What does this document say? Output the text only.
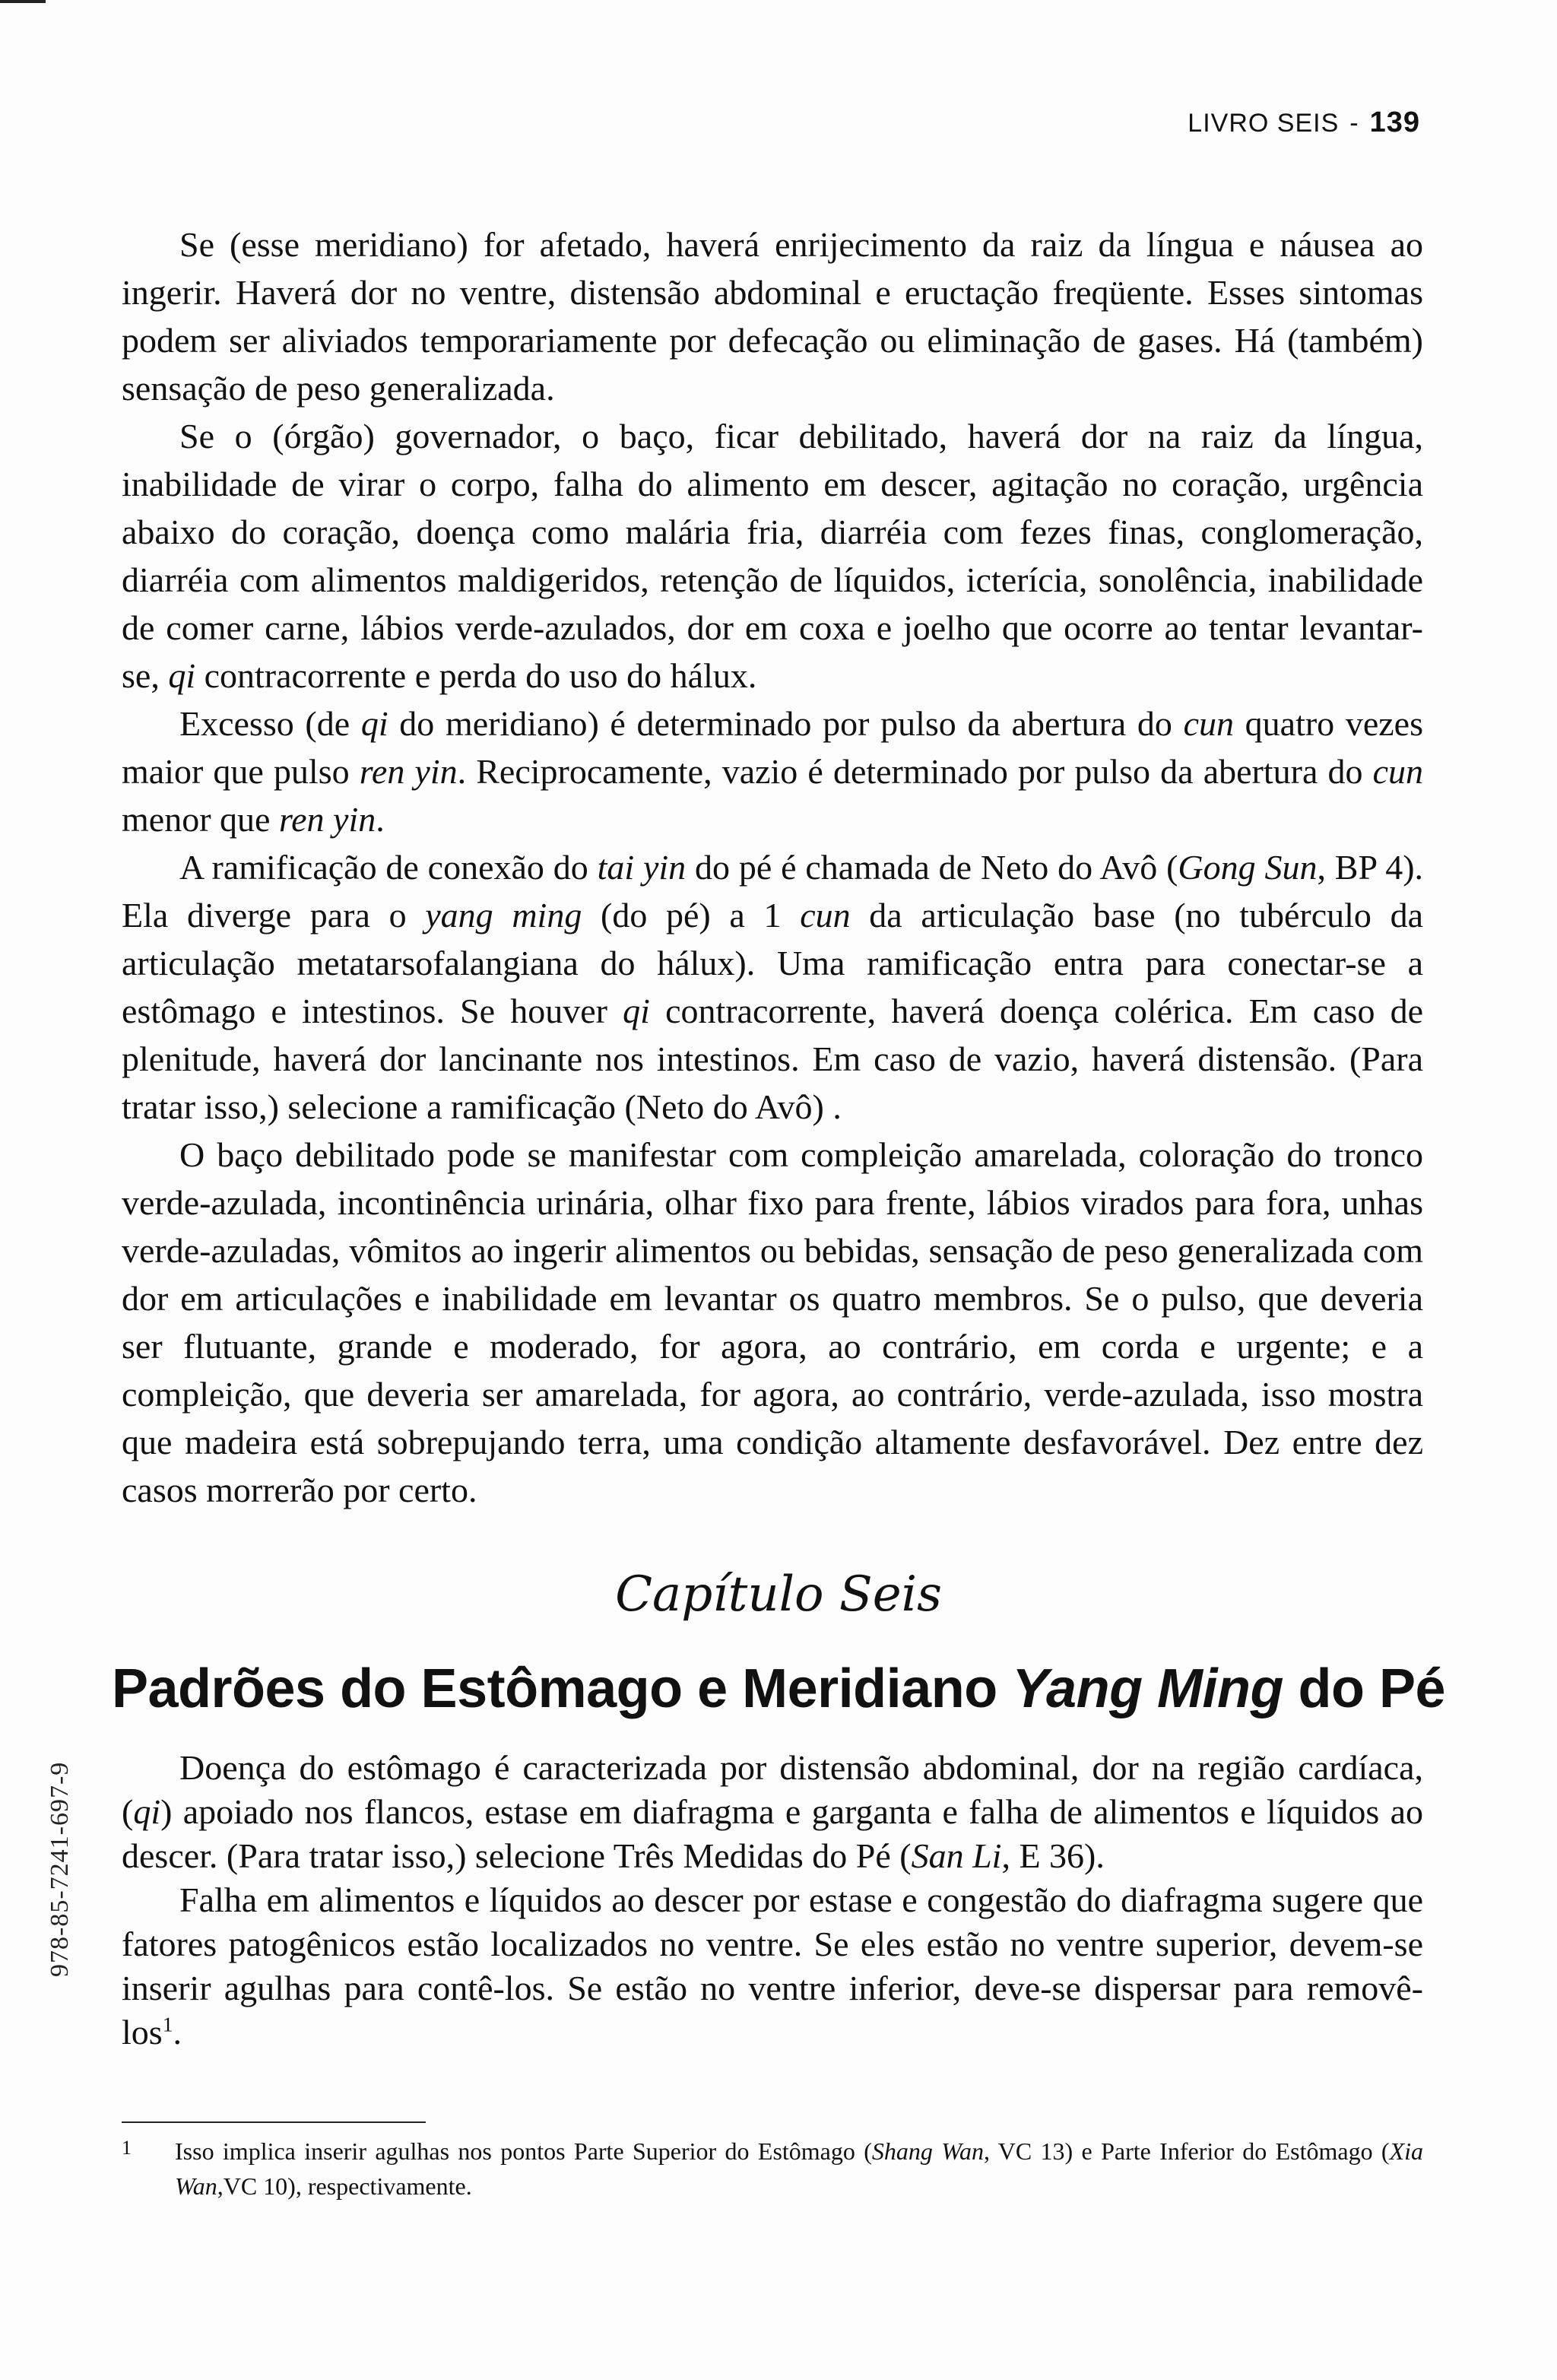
LIVRO SEIS - 139

Se (esse meridiano) for afetado, haverá enrijecimento da raiz da língua e náusea ao ingerir. Haverá dor no ventre, distensão abdominal e eructação freqüente. Esses sintomas podem ser aliviados temporariamente por defecação ou eliminação de gases. Há (também) sensação de peso generalizada.

Se o (órgão) governador, o baço, ficar debilitado, haverá dor na raiz da língua, inabilidade de virar o corpo, falha do alimento em descer, agitação no coração, urgência abaixo do coração, doença como malária fria, diarréia com fezes finas, conglomeração, diarréia com alimentos maldigeridos, retenção de líquidos, icterícia, sonolência, inabilidade de comer carne, lábios verde-azulados, dor em coxa e joelho que ocorre ao tentar levantar-se, qi contracorrente e perda do uso do hálux.

Excesso (de qi do meridiano) é determinado por pulso da abertura do cun quatro vezes maior que pulso ren yin. Reciprocamente, vazio é determinado por pulso da abertura do cun menor que ren yin.

A ramificação de conexão do tai yin do pé é chamada de Neto do Avô (Gong Sun, BP 4). Ela diverge para o yang ming (do pé) a 1 cun da articulação base (no tubérculo da articulação metatarsofalangiana do hálux). Uma ramificação entra para conectar-se a estômago e intestinos. Se houver qi contracorrente, haverá doença colérica. Em caso de plenitude, haverá dor lancinante nos intestinos. Em caso de vazio, haverá distensão. (Para tratar isso,) selecione a ramificação (Neto do Avô) .

O baço debilitado pode se manifestar com compleição amarelada, coloração do tronco verde-azulada, incontinência urinária, olhar fixo para frente, lábios virados para fora, unhas verde-azuladas, vômitos ao ingerir alimentos ou bebidas, sensação de peso generalizada com dor em articulações e inabilidade em levantar os quatro membros. Se o pulso, que deveria ser flutuante, grande e moderado, for agora, ao contrário, em corda e urgente; e a compleição, que deveria ser amarelada, for agora, ao contrário, verde-azulada, isso mostra que madeira está sobrepujando terra, uma condição altamente desfavorável. Dez entre dez casos morrerão por certo.

Capítulo Seis
Padrões do Estômago e Meridiano Yang Ming do Pé

Doença do estômago é caracterizada por distensão abdominal, dor na região cardíaca, (qi) apoiado nos flancos, estase em diafragma e garganta e falha de alimentos e líquidos ao descer. (Para tratar isso,) selecione Três Medidas do Pé (San Li, E 36).

Falha em alimentos e líquidos ao descer por estase e congestão do diafragma sugere que fatores patogênicos estão localizados no ventre. Se eles estão no ventre superior, devem-se inserir agulhas para contê-los. Se estão no ventre inferior, deve-se dispersar para removê-los$^1$.

978-85-7241-697-9
1	Isso implica inserir agulhas nos pontos Parte Superior do Estômago (Shang Wan, VC 13) e Parte Inferior do Estômago (Xia Wan,VC 10), respectivamente.
